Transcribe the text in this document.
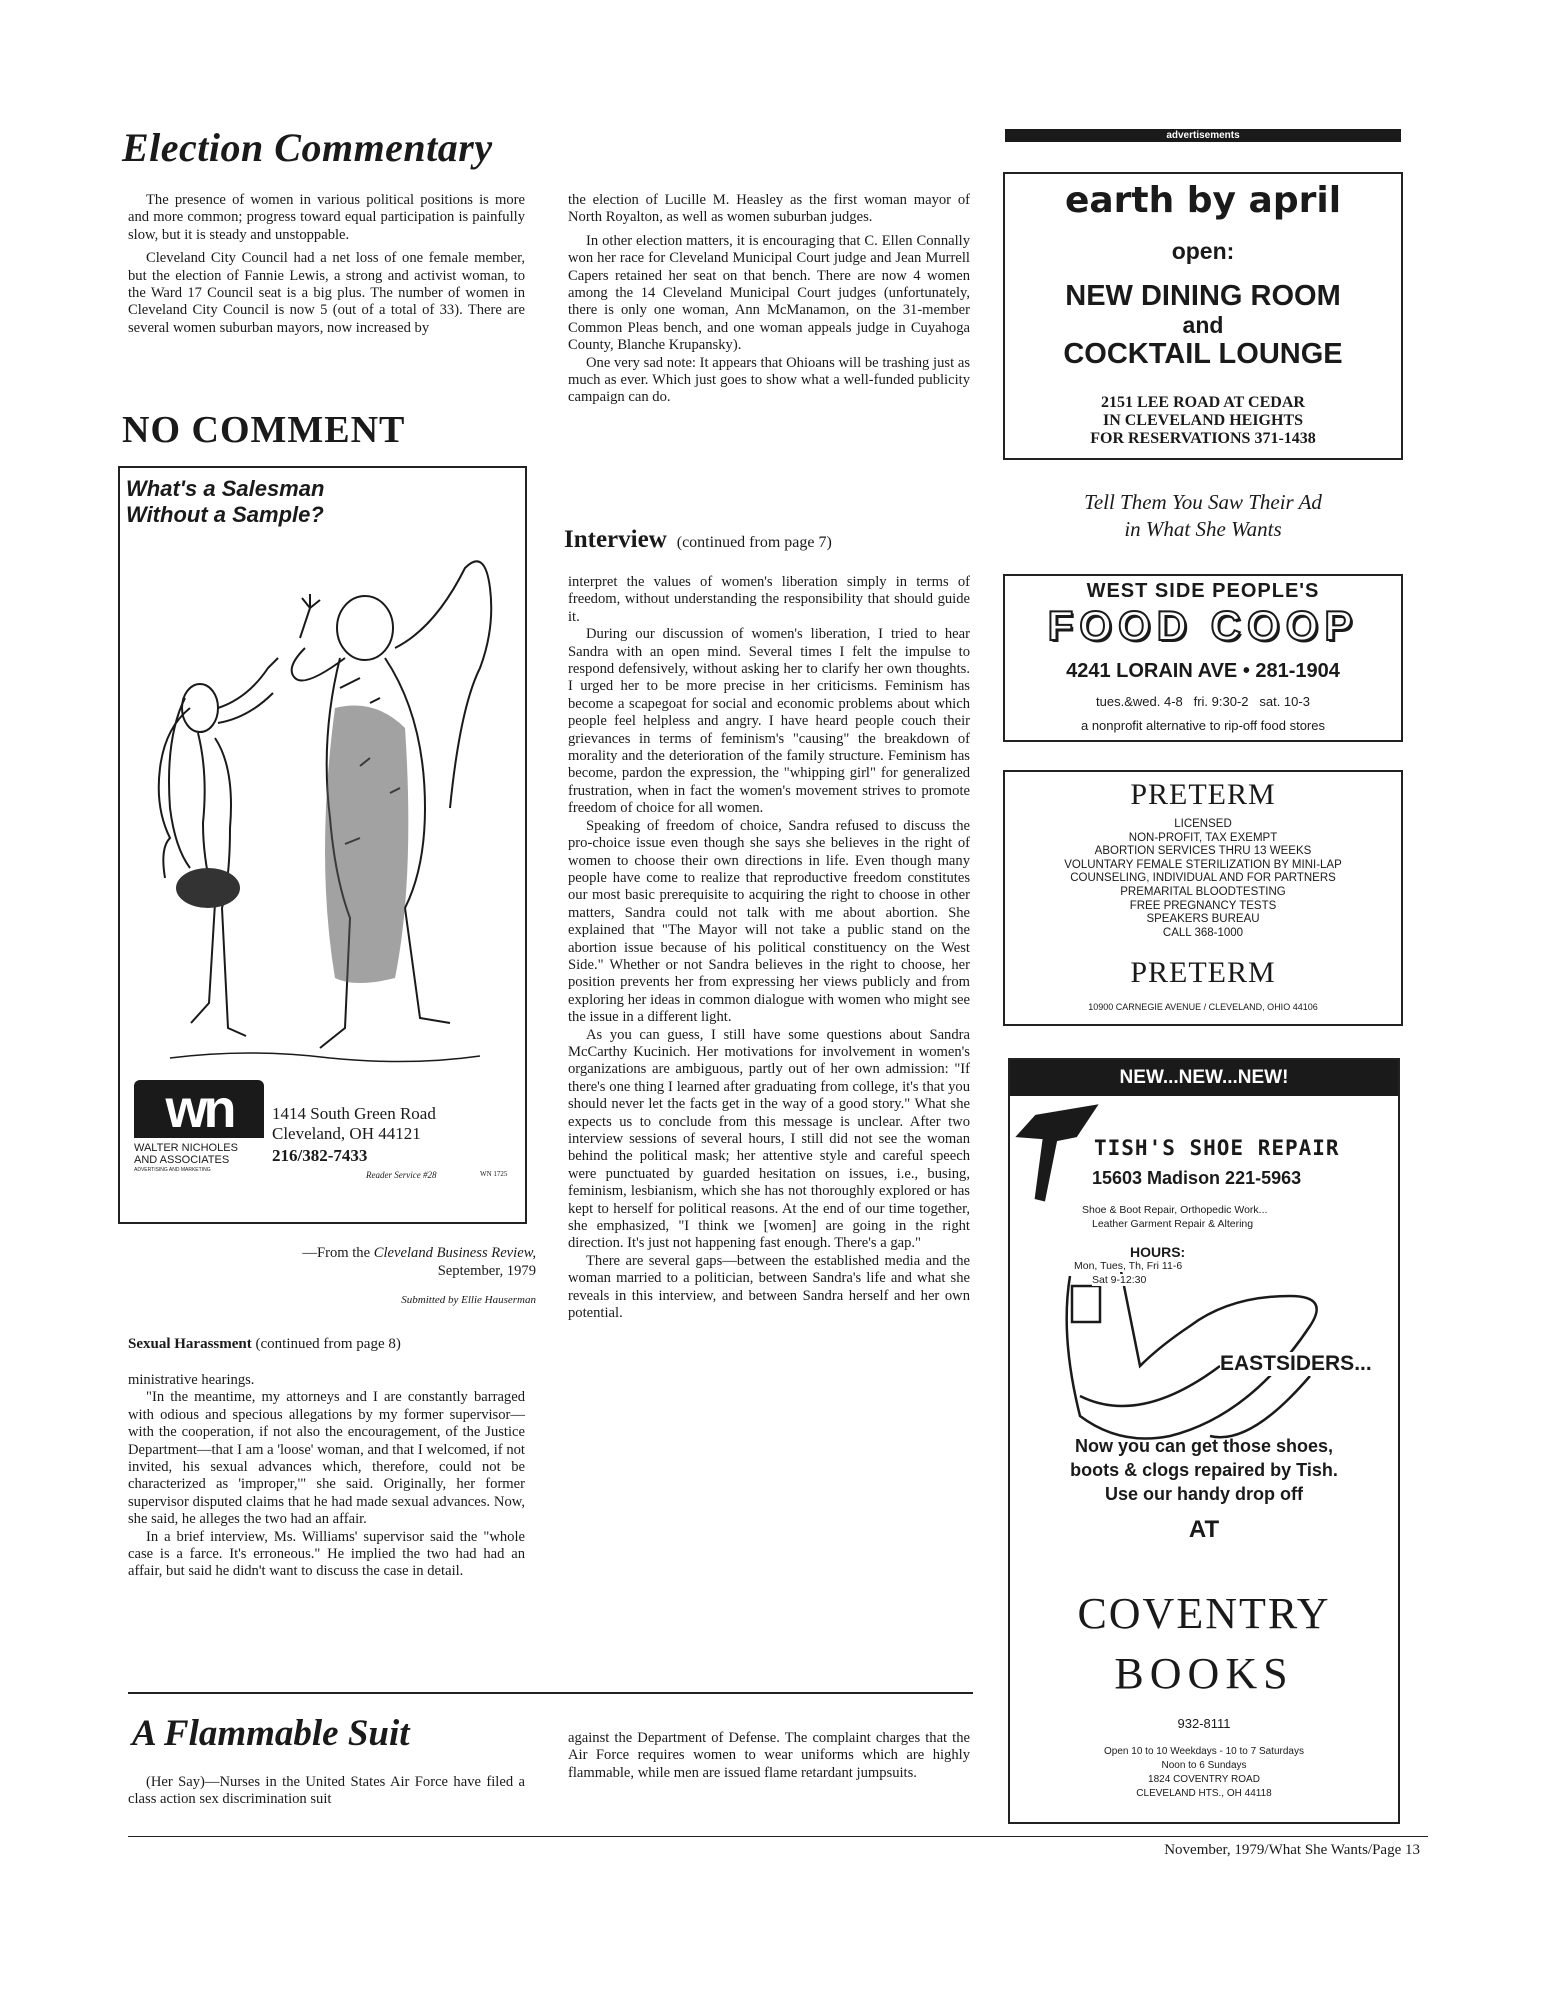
Election Commentary

The presence of women in various political positions is more and more common; progress toward equal participation is painfully slow, but it is steady and unstoppable.

Cleveland City Council had a net loss of one female member, but the election of Fannie Lewis, a strong and activist woman, to the Ward 17 Council seat is a big plus. The number of women in Cleveland City Council is now 5 (out of a total of 33). There are several women suburban mayors, now increased by

the election of Lucille M. Heasley as the first woman mayor of North Royalton, as well as women suburban judges.

In other election matters, it is encouraging that C. Ellen Connally won her race for Cleveland Municipal Court judge and Jean Murrell Capers retained her seat on that bench. There are now 4 women among the 14 Cleveland Municipal Court judges (unfortunately, there is only one woman, Ann McManamon, on the 31-member Common Pleas bench, and one woman appeals judge in Cuyahoga County, Blanche Krupansky).

One very sad note: It appears that Ohioans will be trashing just as much as ever. Which just goes to show what a well-funded publicity campaign can do.

NO COMMENT
What's a Salesman
Without a Sample?
wn
WALTER NICHOLES
AND ASSOCIATES
ADVERTISING AND MARKETING
1414 South Green Road
Cleveland, OH 44121
216/382-7433
Reader Service #28	WN 1725
—From the Cleveland Business Review,
September, 1979
Submitted by Ellie Hauserman
Sexual Harassment (continued from page 8)

ministrative hearings.

"In the meantime, my attorneys and I are constantly barraged with odious and specious allegations by my former supervisor—with the cooperation, if not also the encouragement, of the Justice Department—that I am a 'loose' woman, and that I welcomed, if not invited, his sexual advances which, therefore, could not be characterized as 'improper,'" she said. Originally, her former supervisor disputed claims that he had made sexual advances. Now, she said, he alleges the two had an affair.

In a brief interview, Ms. Williams' supervisor said the "whole case is a farce. It's erroneous." He implied the two had had an affair, but said he didn't want to discuss the case in detail.

Interview (continued from page 7)

interpret the values of women's liberation simply in terms of freedom, without understanding the responsibility that should guide it.

During our discussion of women's liberation, I tried to hear Sandra with an open mind. Several times I felt the impulse to respond defensively, without asking her to clarify her own thoughts. I urged her to be more precise in her criticisms. Feminism has become a scapegoat for social and economic problems about which people feel helpless and angry. I have heard people couch their grievances in terms of feminism's "causing" the breakdown of morality and the deterioration of the family structure. Feminism has become, pardon the expression, the "whipping girl" for generalized frustration, when in fact the women's movement strives to promote freedom of choice for all women.

Speaking of freedom of choice, Sandra refused to discuss the pro-choice issue even though she says she believes in the right of women to choose their own directions in life. Even though many people have come to realize that reproductive freedom constitutes our most basic prerequisite to acquiring the right to choose in other matters, Sandra could not talk with me about abortion. She explained that "The Mayor will not take a public stand on the abortion issue because of his political constituency on the West Side." Whether or not Sandra believes in the right to choose, her position prevents her from expressing her views publicly and from exploring her ideas in common dialogue with women who might see the issue in a different light.

As you can guess, I still have some questions about Sandra McCarthy Kucinich. Her motivations for involvement in women's organizations are ambiguous, partly out of her own admission: "If there's one thing I learned after graduating from college, it's that you should never let the facts get in the way of a good story." What she expects us to conclude from this message is unclear. After two interview sessions of several hours, I still did not see the woman behind the political mask; her attentive style and careful speech were punctuated by guarded hesitation on issues, i.e., busing, feminism, lesbianism, which she has not thoroughly explored or has kept to herself for political reasons. At the end of our time together, she emphasized, "I think we [women] are going in the right direction. It's just not happening fast enough. There's a gap."

There are several gaps—between the established media and the woman married to a politician, between Sandra's life and what she reveals in this interview, and between Sandra herself and her own potential.

A Flammable Suit

(Her Say)—Nurses in the United States Air Force have filed a class action sex discrimination suit

against the Department of Defense. The complaint charges that the Air Force requires women to wear uniforms which are highly flammable, while men are issued flame retardant jumpsuits.

November, 1979/What She Wants/Page 13
advertisements
earth by april
open:
NEW DINING ROOM
and
COCKTAIL LOUNGE
2151 LEE ROAD AT CEDAR
IN CLEVELAND HEIGHTS
FOR RESERVATIONS 371-1438
Tell Them You Saw Their Ad
in What She Wants
WEST SIDE PEOPLE'S
FOOD COOP
4241 LORAIN AVE • 281-1904
tues.&wed. 4-8   fri. 9:30-2   sat. 10-3
a nonprofit alternative to rip-off food stores
PRETERM
LICENSED
NON-PROFIT, TAX EXEMPT
ABORTION SERVICES THRU 13 WEEKS
VOLUNTARY FEMALE STERILIZATION BY MINI-LAP
COUNSELING, INDIVIDUAL AND FOR PARTNERS
PREMARITAL BLOODTESTING
FREE PREGNANCY TESTS
SPEAKERS BUREAU
CALL 368-1000
PRETERM
10900 CARNEGIE AVENUE / CLEVELAND, OHIO 44106
NEW...NEW...NEW!
TISH'S SHOE REPAIR
15603 Madison 221-5963
Shoe & Boot Repair, Orthopedic Work...
Leather Garment Repair & Altering
HOURS:
Mon, Tues, Th, Fri 11-6
Sat 9-12:30
EASTSIDERS...
Now you can get those shoes,
boots & clogs repaired by Tish.
Use our handy drop off
AT
COVENTRY
BOOKS
932-8111
Open 10 to 10 Weekdays - 10 to 7 Saturdays
Noon to 6 Sundays
1824 COVENTRY ROAD
CLEVELAND HTS., OH 44118
